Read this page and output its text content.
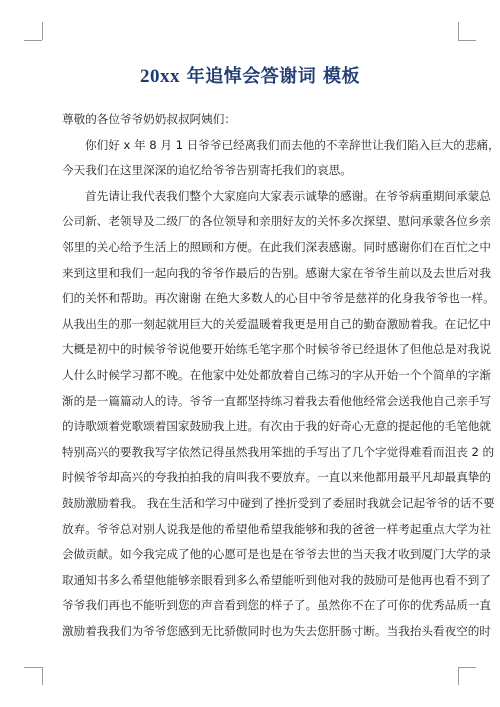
20xx 年追悼会答谢词 模板
尊敬的各位爷爷奶奶叔叔阿姨们：
你们好 x 年 8 月 1 日爷爷已经离我们而去他的不幸辞世让我们陷入巨大的悲痛，
今天我们在这里深深的追忆给爷爷告别寄托我们的哀思。
首先请让我代表我们整个大家庭向大家表示诚挚的感谢。在爷爷病重期间承蒙总
公司新、老领导及二级厂的各位领导和亲朋好友的关怀多次探望、慰问承蒙各位乡亲
邻里的关心给予生活上的照顾和方便。在此我们深表感谢。同时感谢你们在百忙之中
来到这里和我们一起向我的爷爷作最后的告别。感谢大家在爷爷生前以及去世后对我
们的关怀和帮助。再次谢谢 在绝大多数人的心目中爷爷是慈祥的化身我爷爷也一样。
从我出生的那一刻起就用巨大的关爱温暖着我更是用自己的勤奋激励着我。在记忆中
大概是初中的时候爷爷说他要开始练毛笔字那个时候爷爷已经退休了但他总是对我说
人什么时候学习都不晚。在他家中处处都放着自己练习的字从开始一个个简单的字渐
渐的是一篇篇动人的诗。爷爷一直都坚持练习着我去看他他经常会送我他自己亲手写
的诗歌颂着党歌颂着国家鼓励我上进。有次由于我的好奇心无意的提起他的毛笔他就
特别高兴的要教我写字依然记得虽然我用笨拙的手写出了几个字觉得难看而沮丧 2 的
时候爷爷却高兴的夸我拍拍我的肩叫我不要放弃。一直以来他都用最平凡却最真挚的
鼓励激励着我。 我在生活和学习中碰到了挫折受到了委屈时我就会记起爷爷的话不要
放弃。爷爷总对别人说我是他的希望他希望我能够和我的爸爸一样考起重点大学为社
会做贡献。如今我完成了他的心愿可是也是在爷爷去世的当天我才收到厦门大学的录
取通知书多么希望他能够亲眼看到多么希望能听到他对我的鼓励可是他再也看不到了
爷爷我们再也不能听到您的声音看到您的样子了。虽然你不在了可你的优秀品质一直
激励着我我们为爷爷您感到无比骄傲同时也为失去您肝肠寸断。当我抬头看夜空的时
